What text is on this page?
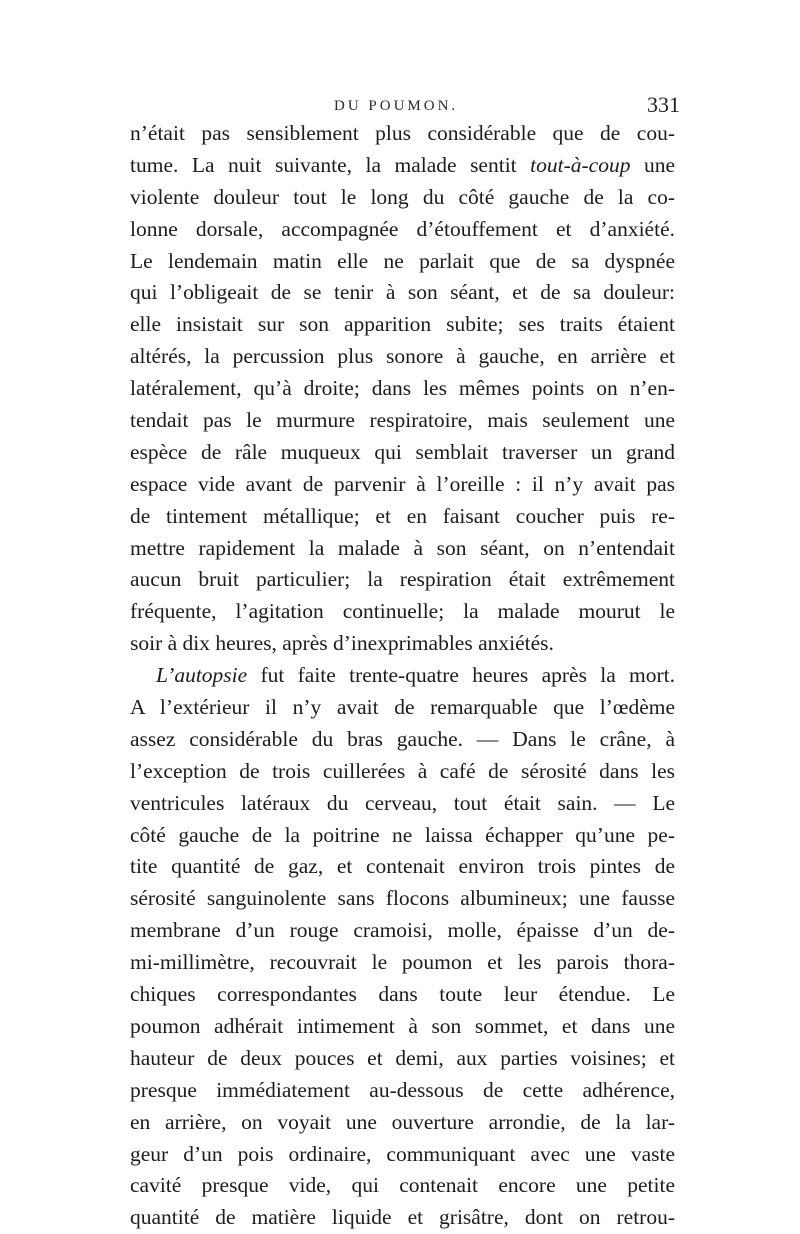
DU POUMON.	331
n’était pas sensiblement plus considérable que de cou-
tume. La nuit suivante, la malade sentit tout-à-coup une
violente douleur tout le long du côté gauche de la co-
lonne dorsale, accompagnée d’étouffement et d’anxiété.
Le lendemain matin elle ne parlait que de sa dyspnée
qui l’obligeait de se tenir à son séant, et de sa douleur:
elle insistait sur son apparition subite; ses traits étaient
altérés, la percussion plus sonore à gauche, en arrière et
latéralement, qu’à droite; dans les mêmes points on n’en-
tendait pas le murmure respiratoire, mais seulement une
espèce de râle muqueux qui semblait traverser un grand
espace vide avant de parvenir à l’oreille : il n’y avait pas
de tintement métallique; et en faisant coucher puis re-
mettre rapidement la malade à son séant, on n’entendait
aucun bruit particulier; la respiration était extrêmement
fréquente, l’agitation continuelle; la malade mourut le
soir à dix heures, après d’inexprimables anxiétés.
L’autopsie fut faite trente-quatre heures après la mort.
A l’extérieur il n’y avait de remarquable que l’œdème
assez considérable du bras gauche. — Dans le crâne, à
l’exception de trois cuillerées à café de sérosité dans les
ventricules latéraux du cerveau, tout était sain. — Le
côté gauche de la poitrine ne laissa échapper qu’une pe-
tite quantité de gaz, et contenait environ trois pintes de
sérosité sanguinolente sans flocons albumineux; une fausse
membrane d’un rouge cramoisi, molle, épaisse d’un de-
mi-millimètre, recouvrait le poumon et les parois thora-
chiques correspondantes dans toute leur étendue. Le
poumon adhérait intimement à son sommet, et dans une
hauteur de deux pouces et demi, aux parties voisines; et
presque immédiatement au-dessous de cette adhérence,
en arrière, on voyait une ouverture arrondie, de la lar-
geur d’un pois ordinaire, communiquant avec une vaste
cavité presque vide, qui contenait encore une petite
quantité de matière liquide et grisâtre, dont on retrou-
